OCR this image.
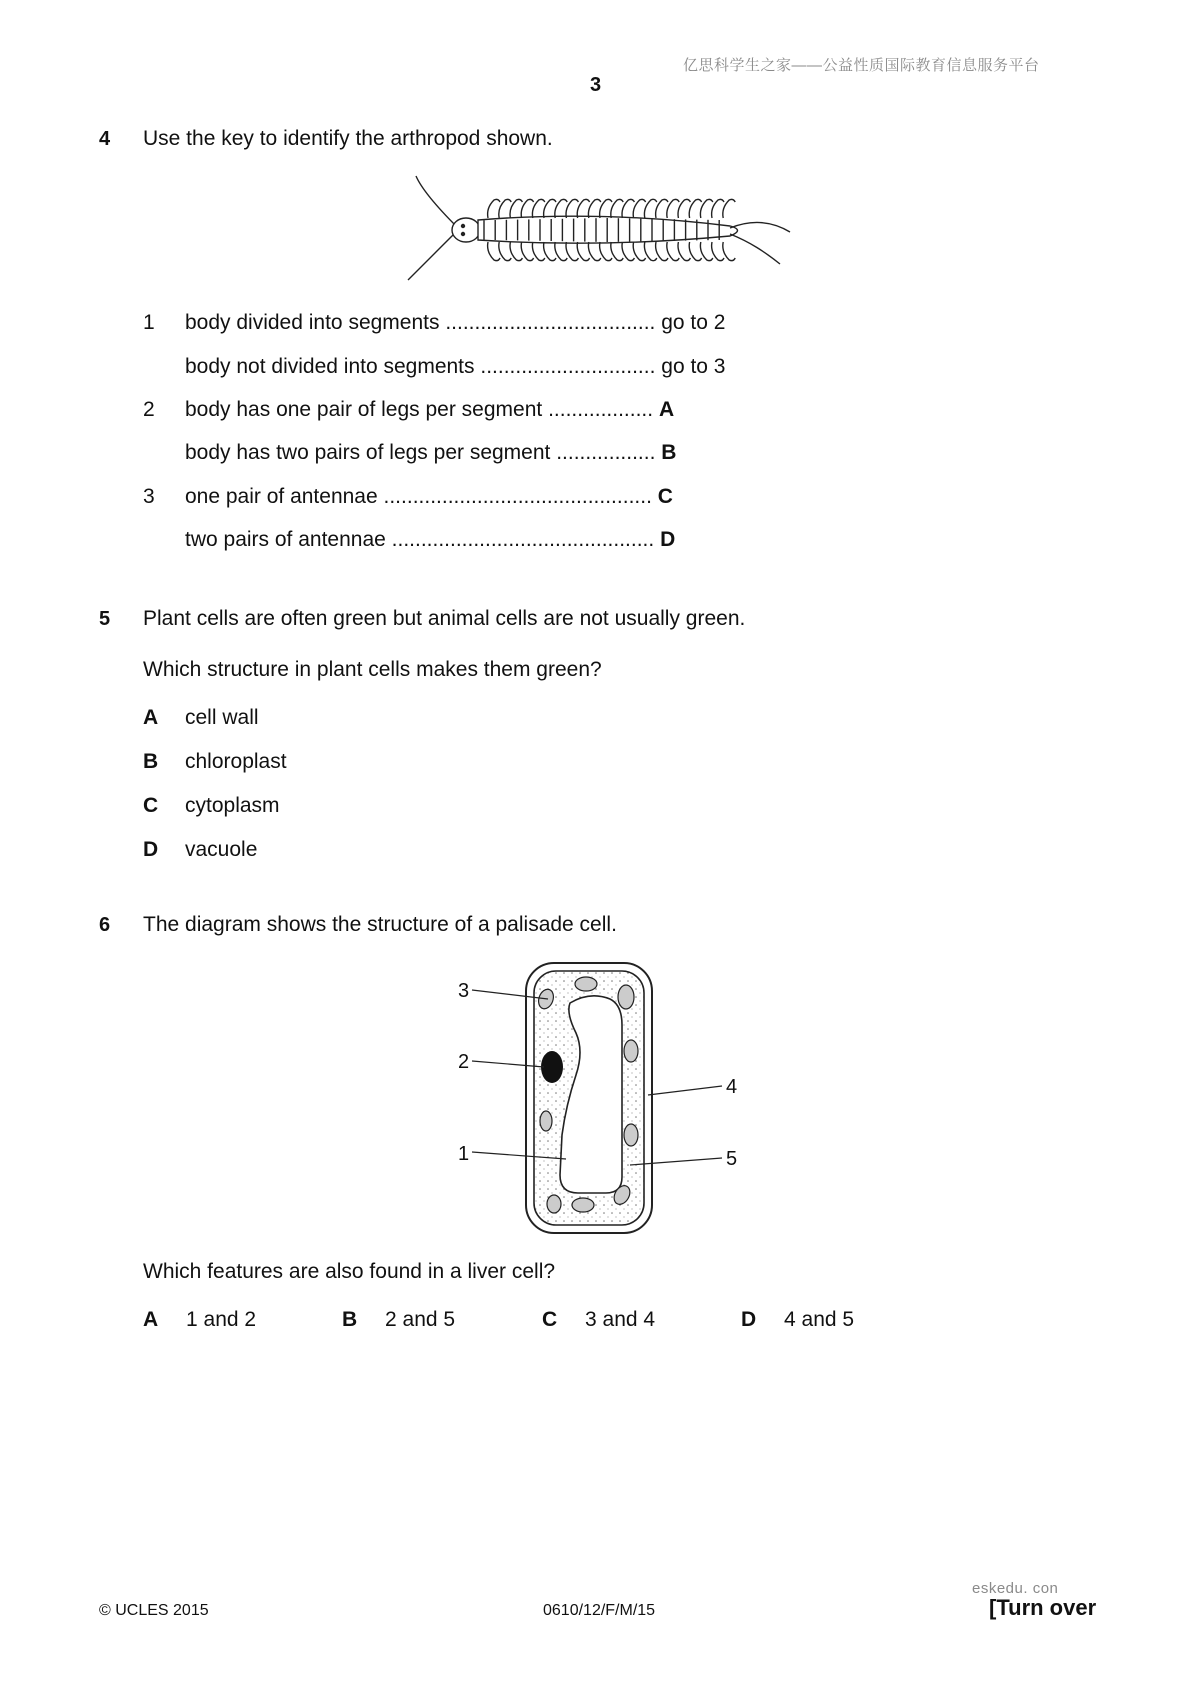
亿思科学生之家——公益性质国际教育信息服务平台
3
4 Use the key to identify the arthropod shown.
1 body divided into segments .................................... go to 2
body not divided into segments .............................. go to 3
2 body has one pair of legs per segment .................. A
body has two pairs of legs per segment ................. B
3 one pair of antennae .............................................. C
two pairs of antennae ............................................. D
5 Plant cells are often green but animal cells are not usually green.
Which structure in plant cells makes them green?
A cell wall
B chloroplast
C cytoplasm
D vacuole
6 The diagram shows the structure of a palisade cell.
3
2
1
4
5
Which features are also found in a liver cell?
A 1 and 2	B 2 and 5	C 3 and 4	D 4 and 5
eskedu. con
© UCLES 2015	0610/12/F/M/15	[Turn over
